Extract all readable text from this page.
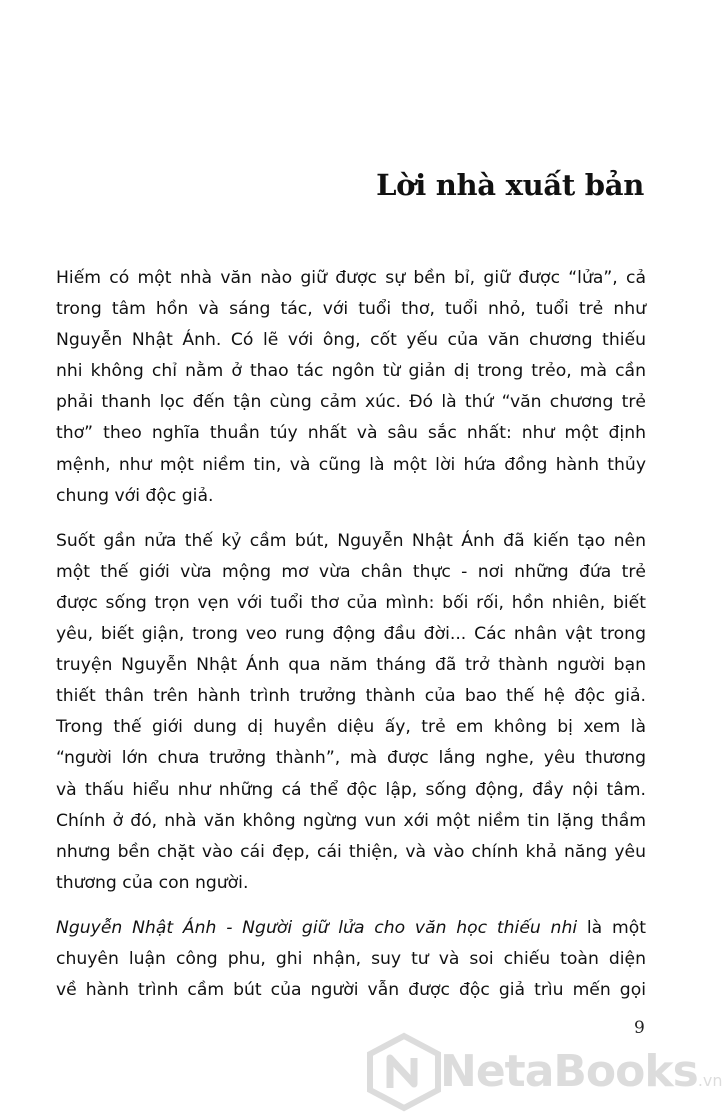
Lời nhà xuất bản
Hiếm có một nhà văn nào giữ được sự bền bỉ, giữ được “lửa”, cả
trong tâm hồn và sáng tác, với tuổi thơ, tuổi nhỏ, tuổi trẻ như
Nguyễn Nhật Ánh. Có lẽ với ông, cốt yếu của văn chương thiếu
nhi không chỉ nằm ở thao tác ngôn từ giản dị trong trẻo, mà cần
phải thanh lọc đến tận cùng cảm xúc. Đó là thứ “văn chương trẻ
thơ” theo nghĩa thuần túy nhất và sâu sắc nhất: như một định
mệnh, như một niềm tin, và cũng là một lời hứa đồng hành thủy
chung với độc giả.
Suốt gần nửa thế kỷ cầm bút, Nguyễn Nhật Ánh đã kiến tạo nên
một thế giới vừa mộng mơ vừa chân thực - nơi những đứa trẻ
được sống trọn vẹn với tuổi thơ của mình: bối rối, hồn nhiên, biết
yêu, biết giận, trong veo rung động đầu đời... Các nhân vật trong
truyện Nguyễn Nhật Ánh qua năm tháng đã trở thành người bạn
thiết thân trên hành trình trưởng thành của bao thế hệ độc giả.
Trong thế giới dung dị huyền diệu ấy, trẻ em không bị xem là
“người lớn chưa trưởng thành”, mà được lắng nghe, yêu thương
và thấu hiểu như những cá thể độc lập, sống động, đầy nội tâm.
Chính ở đó, nhà văn không ngừng vun xới một niềm tin lặng thầm
nhưng bền chặt vào cái đẹp, cái thiện, và vào chính khả năng yêu
thương của con người.
Nguyễn Nhật Ánh - Người giữ lửa cho văn học thiếu nhi là một
chuyên luận công phu, ghi nhận, suy tư và soi chiếu toàn diện
về hành trình cầm bút của người vẫn được độc giả trìu mến gọi

9

NetaBooks.vn
